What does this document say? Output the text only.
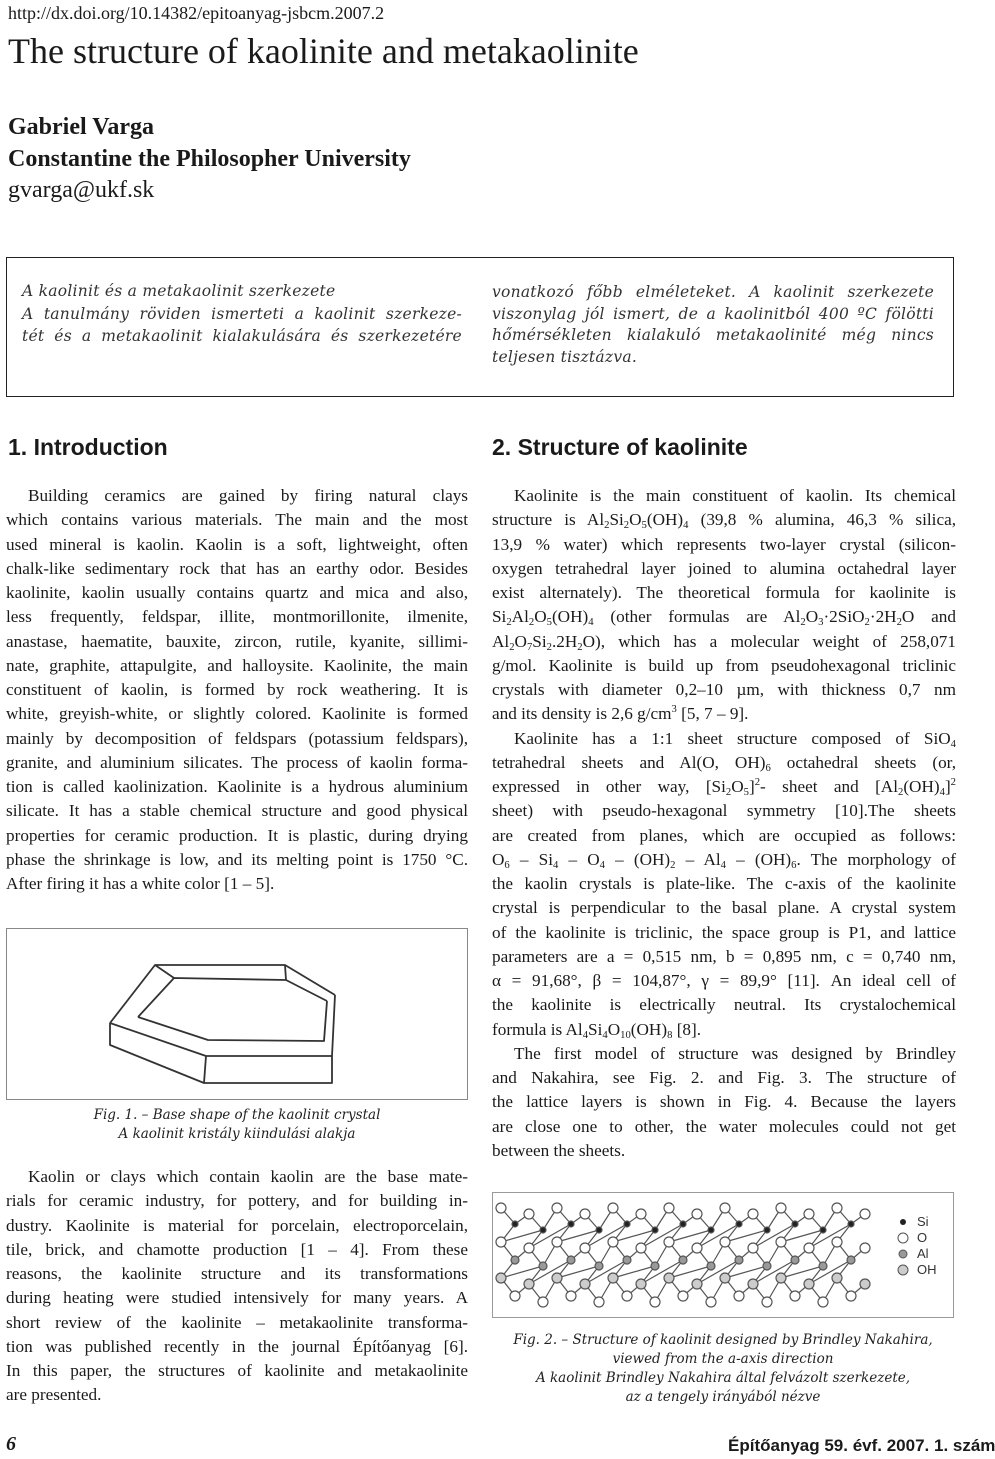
http://dx.doi.org/10.14382/epitoanyag-jsbcm.2007.2
The structure of kaolinite and metakaolinite
Gabriel Varga
Constantine the Philosopher University
gvarga@ukf.sk
A kaolinit és a metakaolinit szerkezete
A tanulmány röviden ismerteti a kaolinit szerkeze-
tét és a metakaolinit kialakulására és szerkezetére
vonatkozó főbb elméleteket. A kaolinit szerkezete
viszonylag jól ismert, de a kaolinitból 400 ºC fölötti
hőmérsékleten kialakuló metakaolinité még nincs
teljesen tisztázva.
1. Introduction	2. Structure of kaolinite
Building ceramics are gained by firing natural clays
which contains various materials. The main and the most
used mineral is kaolin. Kaolin is a soft, lightweight, often
chalk-like sedimentary rock that has an earthy odor. Besides
kaolinite, kaolin usually contains quartz and mica and also,
less frequently, feldspar, illite, montmorillonite, ilmenite,
anastase, haematite, bauxite, zircon, rutile, kyanite, sillimi-
nate, graphite, attapulgite, and halloysite. Kaolinite, the main
constituent of kaolin, is formed by rock weathering. It is
white, greyish-white, or slightly colored. Kaolinite is formed
mainly by decomposition of feldspars (potassium feldspars),
granite, and aluminium silicates. The process of kaolin forma-
tion is called kaolinization. Kaolinite is a hydrous aluminium
silicate. It has a stable chemical structure and good physical
properties for ceramic production. It is plastic, during drying
phase the shrinkage is low, and its melting point is 1750 °C.
After firing it has a white color [1 – 5].
Fig. 1. – Base shape of the kaolinit crystal
A kaolinit kristály kiindulási alakja
Kaolin or clays which contain kaolin are the base mate-
rials for ceramic industry, for pottery, and for building in-
dustry. Kaolinite is material for porcelain, electroporcelain,
tile, brick, and chamotte production [1 – 4]. From these
reasons, the kaolinite structure and its transformations
during heating were studied intensively for many years. A
short review of the kaolinite – metakaolinite transforma-
tion was published recently in the journal Építőanyag [6].
In this paper, the structures of kaolinite and metakaolinite
are presented.
Kaolinite is the main constituent of kaolin. Its chemical
structure is $Al_2Si_2O_5(OH)_4$ (39,8 % alumina, 46,3 % silica,
13,9 % water) which represents two-layer crystal (silicon-
oxygen tetrahedral layer joined to alumina octahedral layer
exist alternately). The theoretical formula for kaolinite is
$Si_2Al_2O_5(OH)_4$ (other formulas are $Al_2O_3\cdot 2SiO_2\cdot 2H_2O$ and
$Al_2O_7Si_2.2H_2O$), which has a molecular weight of 258,071
g/mol. Kaolinite is build up from pseudohexagonal triclinic
crystals with diameter 0,2–10 µm, with thickness 0,7 nm
and its density is 2,6 $g/cm^3$ [5, 7 – 9].
Kaolinite has a 1:1 sheet structure composed of SiO$_4$
tetrahedral sheets and Al(O, $OH)_6$ octahedral sheets (or,
expressed in other way, $[Si_2O_5]^2-$ sheet and $[Al_2(OH)_4]^2$
sheet) with pseudo-hexagonal symmetry [10].The sheets
are created from planes, which are occupied as follows:
$O_6 - Si_4 - O_4 - (OH)_2 - Al_4 - (OH)_6$. The morphology of
the kaolin crystals is plate-like. The c-axis of the kaolinite
crystal is perpendicular to the basal plane. A crystal system
of the kaolinite is triclinic, the space group is P1, and lattice
parameters are a = 0,515 nm, b = 0,895 nm, c = 0,740 nm,
α = 91,68°, β = 104,87°, γ = 89,9° [11]. An ideal cell of
the kaolinite is electrically neutral. Its crystalochemical
formula is $Al_4Si_4O_{10}(OH)_8$ [8].
The first model of structure was designed by Brindley
and Nakahira, see Fig. 2. and Fig. 3. The structure of
the lattice layers is shown in Fig. 4. Because the layers
are close one to other, the water molecules could not get
between the sheets.
Si
O
Al
OH
Fig. 2. – Structure of kaolinit designed by Brindley Nakahira,
viewed from the a-axis direction
A kaolinit Brindley Nakahira által felvázolt szerkezete,
az a tengely irányából nézve
6	Építőanyag 59. évf. 2007. 1. szám
